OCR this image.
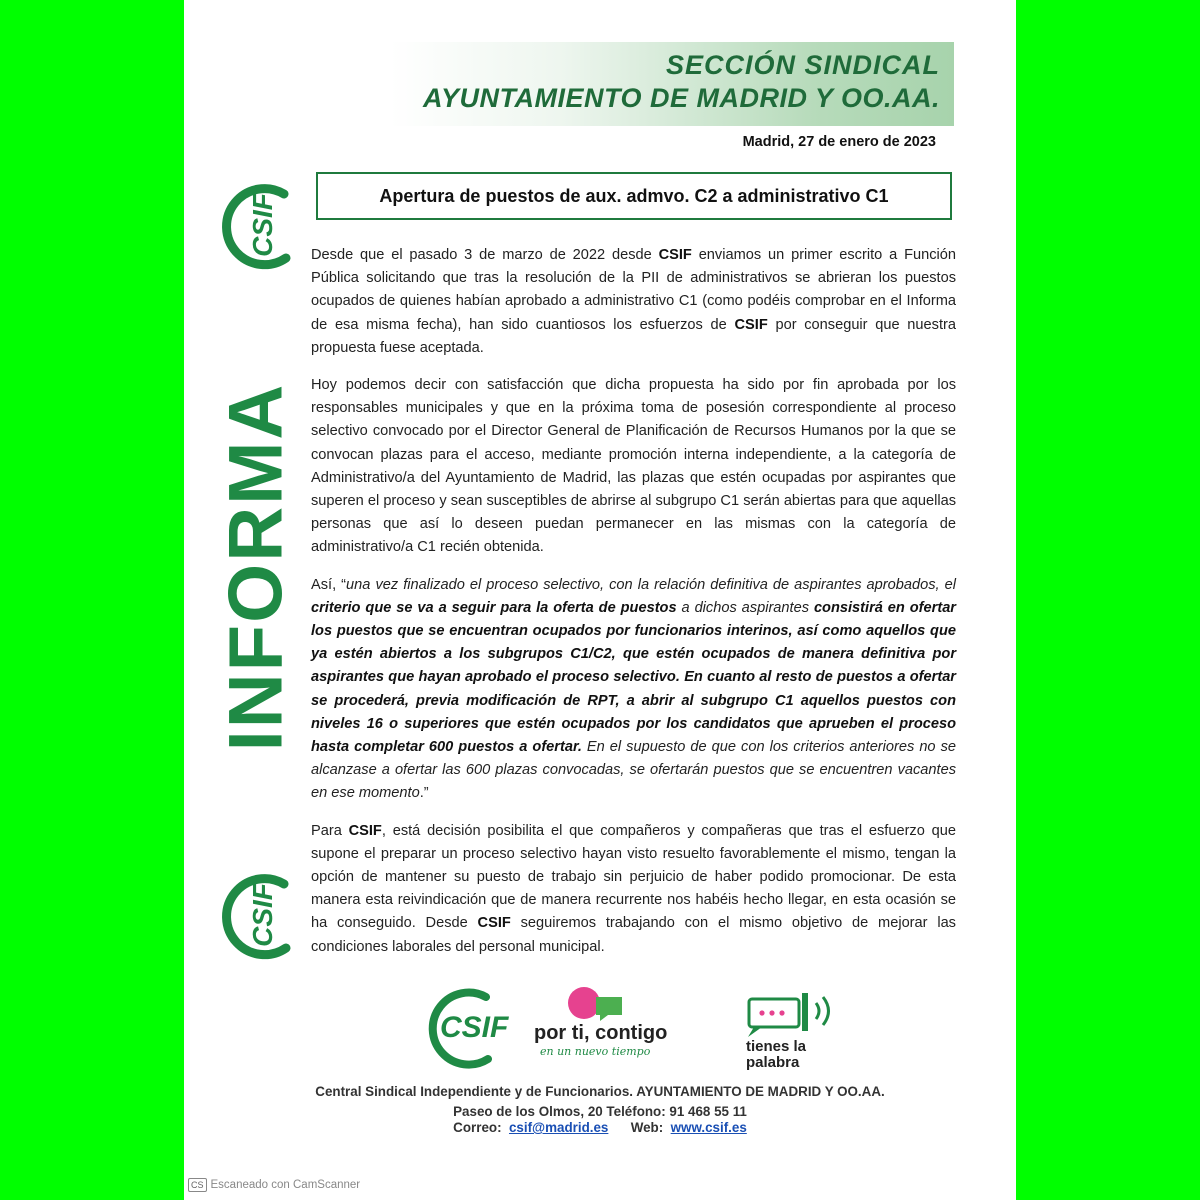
SECCIÓN SINDICAL
AYUNTAMIENTO DE MADRID Y OO.AA.
Madrid, 27 de enero de 2023
Apertura de puestos de aux. admvo. C2 a administrativo C1
CSIF
INFORMA
CSIF

Desde que el pasado 3 de marzo de 2022 desde CSIF enviamos un primer escrito a Función Pública solicitando que tras la resolución de la PII de administrativos se abrieran los puestos ocupados de quienes habían aprobado a administrativo C1 (como podéis comprobar en el Informa de esa misma fecha), han sido cuantiosos los esfuerzos de CSIF por conseguir que nuestra propuesta fuese aceptada.

Hoy podemos decir con satisfacción que dicha propuesta ha sido por fin aprobada por los responsables municipales y que en la próxima toma de posesión correspondiente al proceso selectivo convocado por el Director General de Planificación de Recursos Humanos por la que se convocan plazas para el acceso, mediante promoción interna independiente, a la categoría de Administrativo/a del Ayuntamiento de Madrid, las plazas que estén ocupadas por aspirantes que superen el proceso y sean susceptibles de abrirse al subgrupo C1 serán abiertas para que aquellas personas que así lo deseen puedan permanecer en las mismas con la categoría de administrativo/a C1 recién obtenida.

Así, “una vez finalizado el proceso selectivo, con la relación definitiva de aspirantes aprobados, el criterio que se va a seguir para la oferta de puestos a dichos aspirantes consistirá en ofertar los puestos que se encuentran ocupados por funcionarios interinos, así como aquellos que ya estén abiertos a los subgrupos C1/C2, que estén ocupados de manera definitiva por aspirantes que hayan aprobado el proceso selectivo. En cuanto al resto de puestos a ofertar se procederá, previa modificación de RPT, a abrir al subgrupo C1 aquellos puestos con niveles 16 o superiores que estén ocupados por los candidatos que aprueben el proceso hasta completar 600 puestos a ofertar. En el supuesto de que con los criterios anteriores no se alcanzase a ofertar las 600 plazas convocadas, se ofertarán puestos que se encuentren vacantes en ese momento.”

Para CSIF, está decisión posibilita el que compañeros y compañeras que tras el esfuerzo que supone el preparar un proceso selectivo hayan visto resuelto favorablemente el mismo, tengan la opción de mantener su puesto de trabajo sin perjuicio de haber podido promocionar. De esta manera esta reivindicación que de manera recurrente nos habéis hecho llegar, en esta ocasión se ha conseguido. Desde CSIF seguiremos trabajando con el mismo objetivo de mejorar las condiciones laborales del personal municipal.

CSIF por ti, contigo
en un nuevo tiempo	tienes la
palabra
Central Sindical Independiente y de Funcionarios. AYUNTAMIENTO DE MADRID Y OO.AA.
Paseo de los Olmos, 20 Teléfono: 91 468 55 11
Correo: csif@madrid.es Web: www.csif.es
CS Escaneado con CamScanner
